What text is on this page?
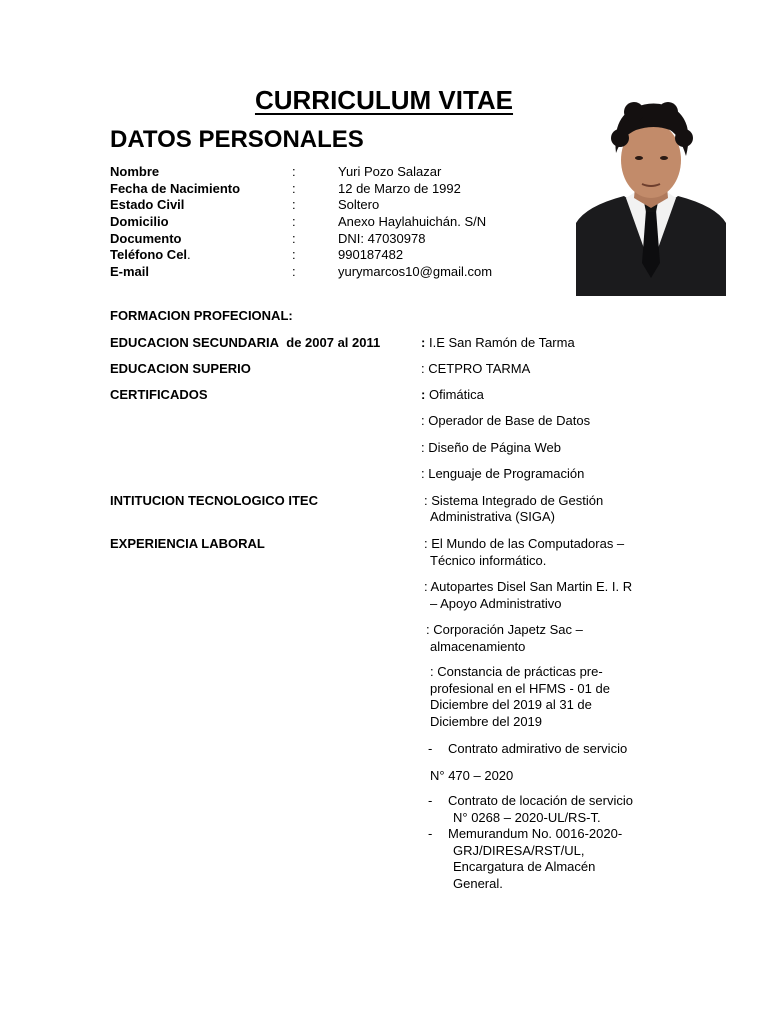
CURRICULUM VITAE
DATOS PERSONALES
Nombre	:	Yuri Pozo Salazar
Fecha de Nacimiento	:	12 de Marzo de 1992
Estado Civil	:	Soltero
Domicilio	:	Anexo Haylahuichán. S/N
Documento	:	DNI: 47030978
Teléfono Cel.	:	990187482
E-mail	:	yurymarcos10@gmail.com
FORMACION PROFECIONAL:
EDUCACION SECUNDARIA de 2007 al 2011	: I.E San Ramón de Tarma
EDUCACION SUPERIO	: CETPRO TARMA
CERTIFICADOS	: Ofimática
: Operador de Base de Datos
: Diseño de Página Web
: Lenguaje de Programación
INTITUCION TECNOLOGICO ITEC	: Sistema Integrado de Gestión
Administrativa (SIGA)
EXPERIENCIA LABORAL	: El Mundo de las Computadoras –
Técnico informático.
: Autopartes Disel San Martin E. I. R
– Apoyo Administrativo
: Corporación Japetz Sac –
almacenamiento
: Constancia de prácticas pre-
profesional en el HFMS - 01 de
Diciembre del 2019 al 31 de
Diciembre del 2019
- Contrato admirativo de servicio
N° 470 – 2020
- Contrato de locación de servicio
N° 0268 – 2020-UL/RS-T.
- Memurandum No. 0016-2020-
GRJ/DIRESA/RST/UL,
Encargatura de Almacén
General.
